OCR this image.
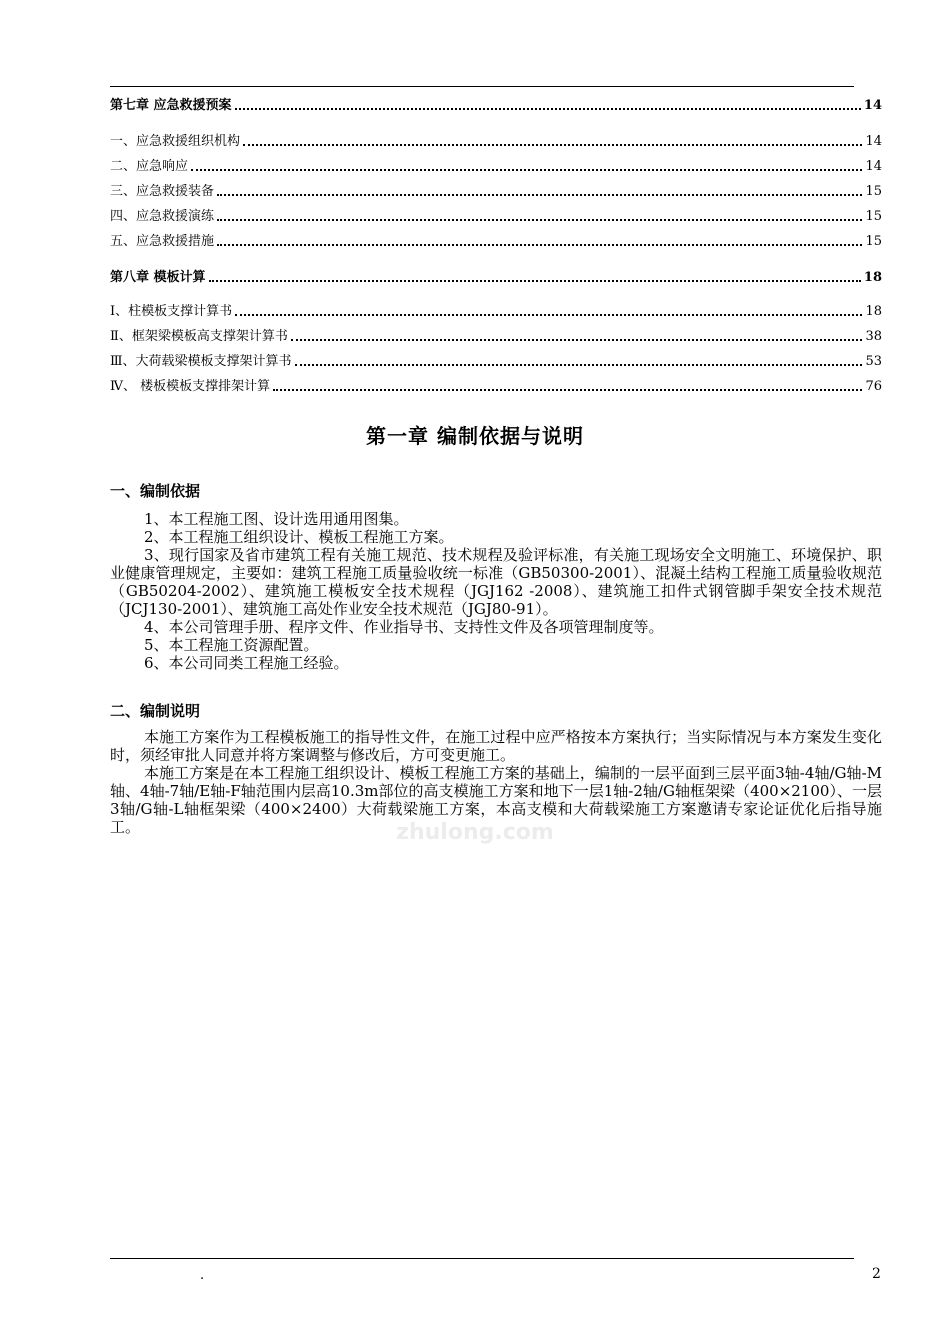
第七章 应急救援预案	14
一、应急救援组织机构	14
二、应急响应	14
三、应急救援装备	15
四、应急救援演练	15
五、应急救援措施	15
第八章 模板计算	18
Ⅰ、柱模板支撑计算书	18
Ⅱ、框架梁模板高支撑架计算书	38
Ⅲ、大荷载梁模板支撑架计算书	53
Ⅳ、 楼板模板支撑排架计算	76
第一章 编制依据与说明
一、编制依据

1、本工程施工图、设计选用通用图集。

2、本工程施工组织设计、模板工程施工方案。

3、现行国家及省市建筑工程有关施工规范、技术规程及验评标准，有关施工现场安全文明施工、环境保护、职业健康管理规定，主要如：建筑工程施工质量验收统一标准（GB50300-2001）、混凝土结构工程施工质量验收规范（GB50204-2002）、建筑施工模板安全技术规程（JGJ162 -2008）、建筑施工扣件式钢管脚手架安全技术规范（JCJ130-2001）、建筑施工高处作业安全技术规范（JGJ80-91）。

4、本公司管理手册、程序文件、作业指导书、支持性文件及各项管理制度等。

5、本工程施工资源配置。

6、本公司同类工程施工经验。

二、编制说明

本施工方案作为工程模板施工的指导性文件，在施工过程中应严格按本方案执行；当实际情况与本方案发生变化时，须经审批人同意并将方案调整与修改后，方可变更施工。

本施工方案是在本工程施工组织设计、模板工程施工方案的基础上，编制的一层平面到三层平面3轴-4轴/G轴-M轴、4轴-7轴/E轴-F轴范围内层高10.3m部位的高支模施工方案和地下一层1轴-2轴/G轴框架梁（400×2100）、一层3轴/G轴-L轴框架梁（400×2400）大荷载梁施工方案，本高支模和大荷载梁施工方案邀请专家论证优化后指导施工。	zhulong.com
.	2
